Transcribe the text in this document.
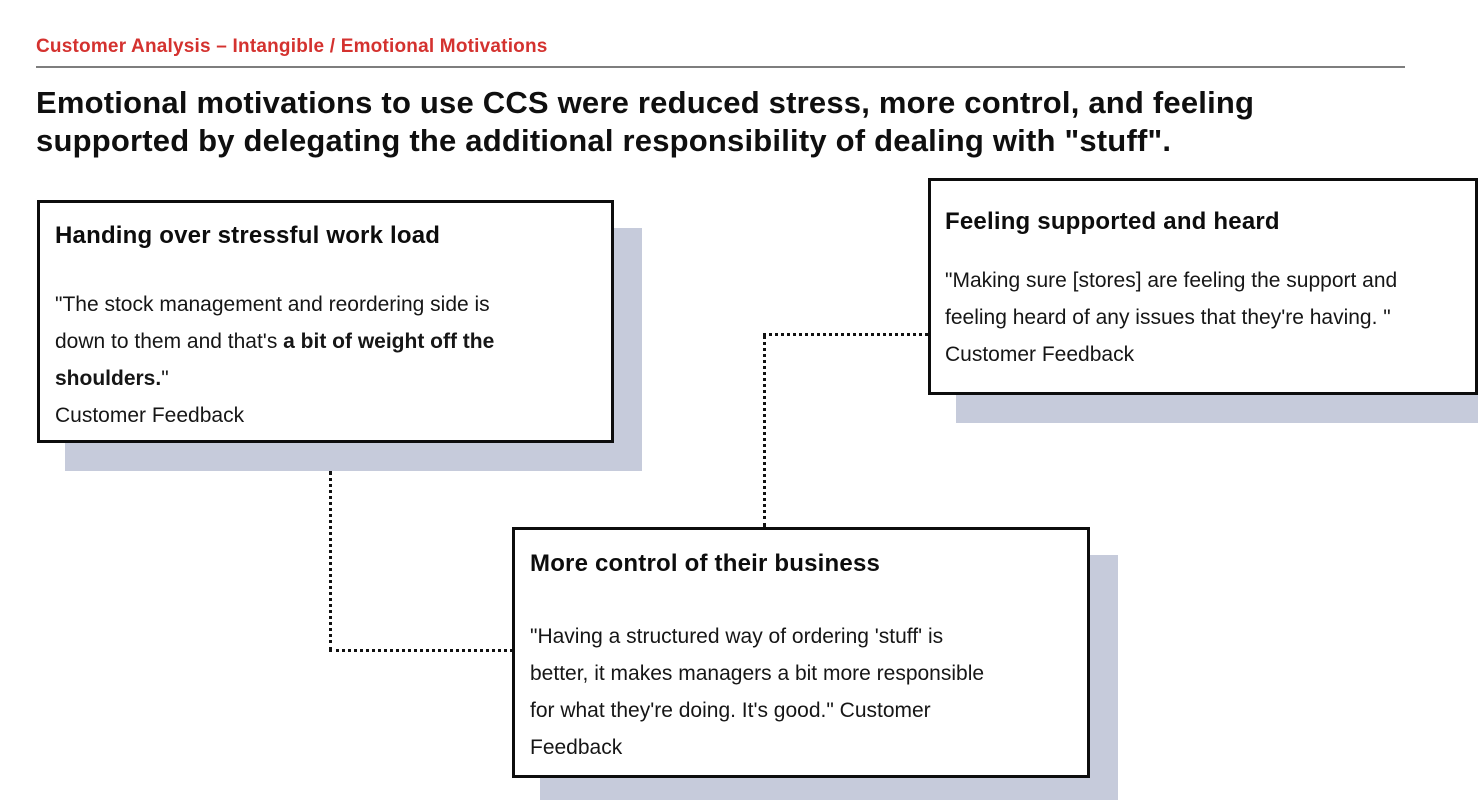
Customer Analysis – Intangible / Emotional Motivations
Emotional motivations to use CCS were reduced stress, more control, and feeling
supported by delegating the additional responsibility of dealing with "stuff".
Handing over stressful work load

"The stock management and reordering side is
down to them and that's a bit of weight off the
shoulders."
Customer Feedback

Feeling supported and heard

"Making sure [stores] are feeling the support and
feeling heard of any issues that they're having. "
Customer Feedback

More control of their business

"Having a structured way of ordering 'stuff' is
better, it makes managers a bit more responsible
for what they're doing. It's good." Customer
Feedback
